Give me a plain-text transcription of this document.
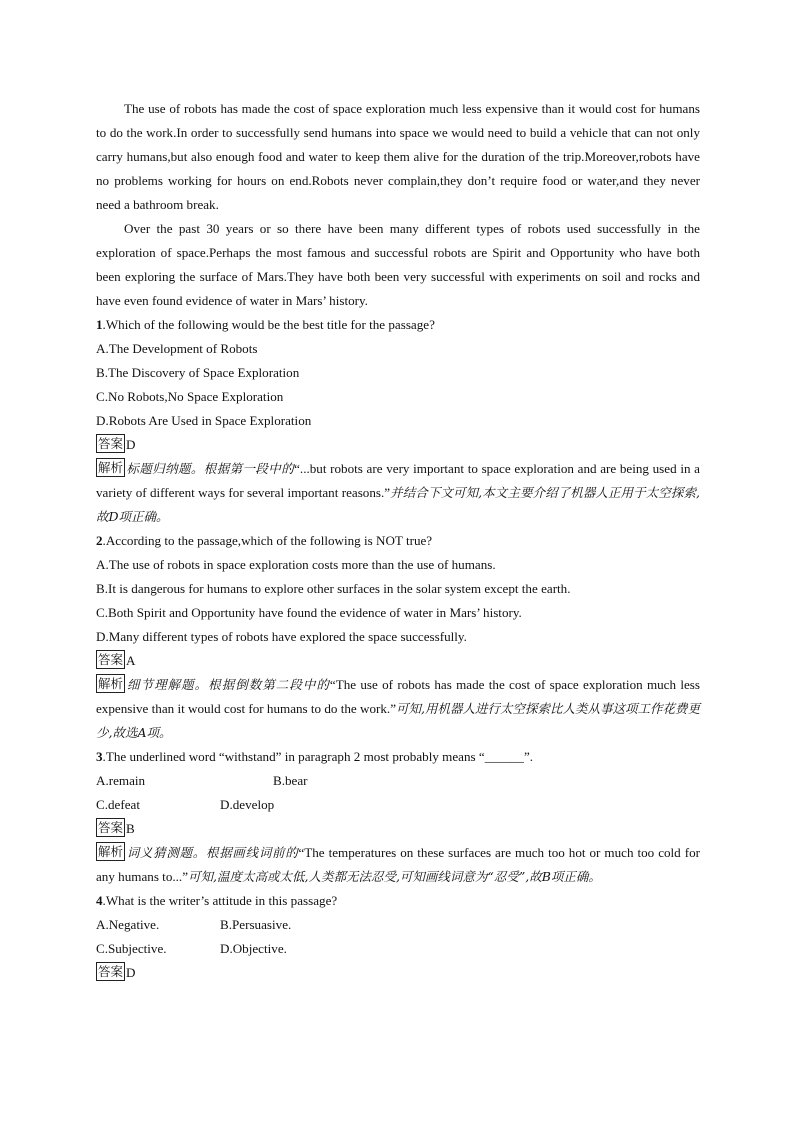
The use of robots has made the cost of space exploration much less expensive than it would cost for humans to do the work.In order to successfully send humans into space we would need to build a vehicle that can not only carry humans,but also enough food and water to keep them alive for the duration of the trip.Moreover,robots have no problems working for hours on end.Robots never complain,they don’t require food or water,and they never need a bathroom break.

Over the past 30 years or so there have been many different types of robots used successfully in the exploration of space.Perhaps the most famous and successful robots are Spirit and Opportunity who have both been exploring the surface of Mars.They have both been very successful with experiments on soil and rocks and have even found evidence of water in Mars’ history.

1.Which of the following would be the best title for the passage?

A.The Development of Robots

B.The Discovery of Space Exploration

C.No Robots,No Space Exploration

D.Robots Are Used in Space Exploration

答案 D

解析 标题归纳题。根据第一段中的“...but robots are very important to space exploration and are being used in a variety of different ways for several important reasons.”并结合下文可知,本文主要介绍了机器人正用于太空探索,故D项正确。

2.According to the passage,which of the following is NOT true?

A.The use of robots in space exploration costs more than the use of humans.

B.It is dangerous for humans to explore other surfaces in the solar system except the earth.

C.Both Spirit and Opportunity have found the evidence of water in Mars’ history.

D.Many different types of robots have explored the space successfully.

答案 A

解析 细节理解题。根据倒数第二段中的“The use of robots has made the cost of space exploration much less expensive than it would cost for humans to do the work.”可知,用机器人进行太空探索比人类从事这项工作花费更少,故选A项。

3.The underlined word “withstand” in paragraph 2 most probably means “______”.

A.remain	B.bear

C.defeat	D.develop

答案 B

解析 词义猜测题。根据画线词前的“The temperatures on these surfaces are much too hot or much too cold for any humans to...”可知,温度太高或太低,人类都无法忍受,可知画线词意为“忍受”,故B项正确。

4.What is the writer’s attitude in this passage?

A.Negative.	B.Persuasive.

C.Subjective.	D.Objective.

答案 D
